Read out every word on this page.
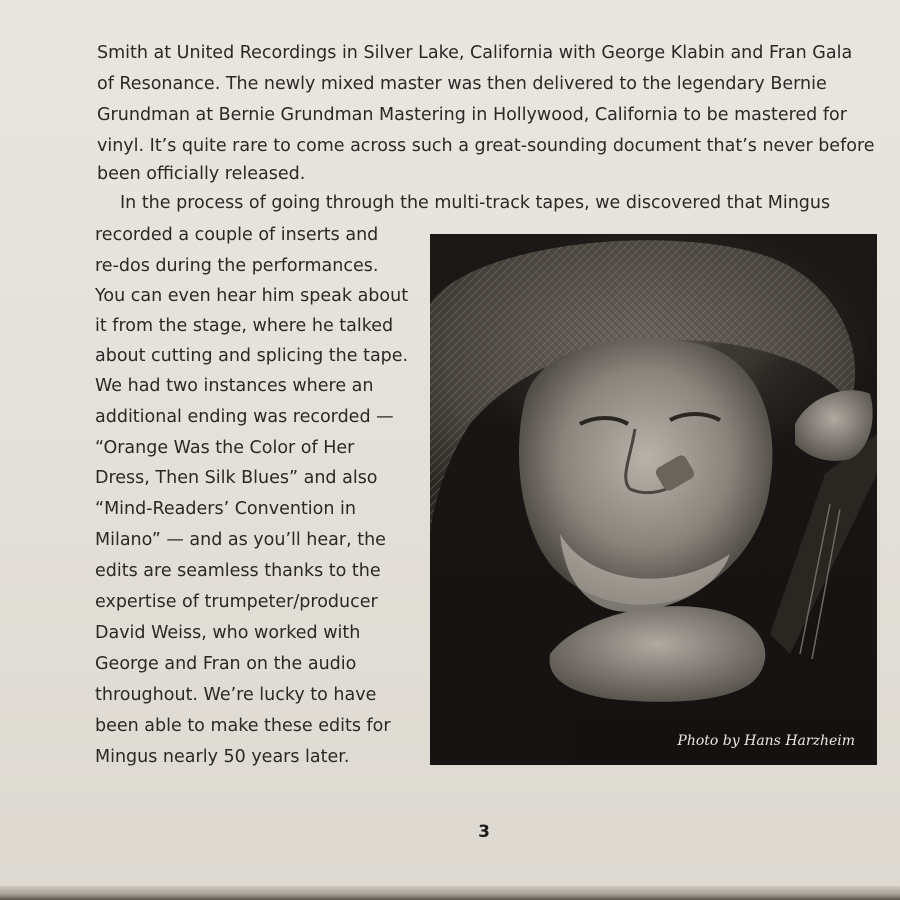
Smith at United Recordings in Silver Lake, California with George Klabin and Fran Gala
of Resonance. The newly mixed master was then delivered to the legendary Bernie
Grundman at Bernie Grundman Mastering in Hollywood, California to be mastered for
vinyl. It’s quite rare to come across such a great-sounding document that’s never before
been officially released.
In the process of going through the multi-track tapes, we discovered that Mingus
recorded a couple of inserts and
re-dos during the performances.
You can even hear him speak about
it from the stage, where he talked
about cutting and splicing the tape.
We had two instances where an
additional ending was recorded —
“Orange Was the Color of Her
Dress, Then Silk Blues” and also
“Mind-Readers’ Convention in
Milano” — and as you’ll hear, the
edits are seamless thanks to the
expertise of trumpeter/producer
David Weiss, who worked with
George and Fran on the audio
throughout. We’re lucky to have
been able to make these edits for
Mingus nearly 50 years later.
Photo by Hans Harzheim
3
